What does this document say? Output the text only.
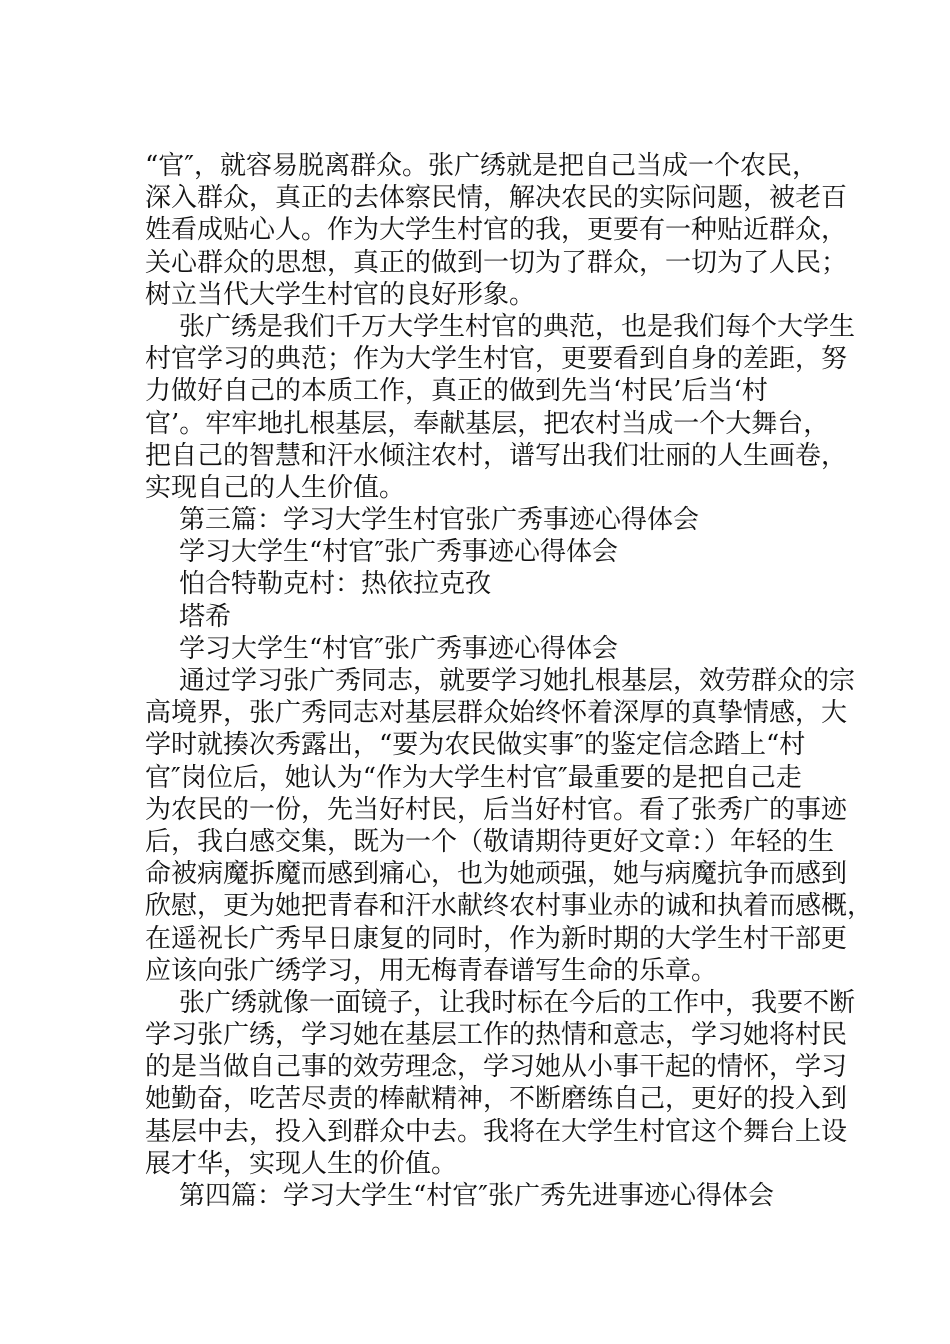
“官″，就容易脱离群众。张广绣就是把自己当成一个农民，
深入群众，真正的去体察民情，解决农民的实际问题，被老百
姓看成贴心人。作为大学生村官的我，更要有一种贴近群众，
关心群众的思想，真正的做到一切为了群众，一切为了人民；
树立当代大学生村官的良好形象。
张广绣是我们千万大学生村官的典范，也是我们每个大学生
村官学习的典范；作为大学生村官，更要看到自身的差距，努
力做好自己的本质工作，真正的做到先当‘村民’后当‘村
官’。牢牢地扎根基层，奉献基层，把农村当成一个大舞台，
把自己的智慧和汗水倾注农村，谱写出我们壮丽的人生画卷，
实现自己的人生价值。
第三篇：学习大学生村官张广秀事迹心得体会
学习大学生“村官″张广秀事迹心得体会
怕合特勒克村：热依拉克孜
塔希
学习大学生“村官″张广秀事迹心得体会
通过学习张广秀同志，就要学习她扎根基层，效劳群众的宗
高境界，张广秀同志对基层群众始终怀着深厚的真挚情感，大
学时就揍次秀露出，“要为农民做实事″的鉴定信念踏上“村
官″岗位后，她认为“作为大学生村官″最重要的是把自己走
为农民的一份，先当好村民，后当好村官。看了张秀广的事迹
后，我白感交集，既为一个（敬请期待更好文章：）年轻的生
命被病魔拆魔而感到痛心，也为她顽强，她与病魔抗争而感到
欣慰，更为她把青春和汗水献终农村事业赤的诚和执着而感概，
在遥祝长广秀早日康复的同时，作为新时期的大学生村干部更
应该向张广绣学习，用无梅青春谱写生命的乐章。
张广绣就像一面镜子，让我时标在今后的工作中，我要不断
学习张广绣，学习她在基层工作的热情和意志，学习她将村民
的是当做自己事的效劳理念，学习她从小事干起的情怀，学习
她勤奋，吃苦尽责的棒献精神，不断磨练自己，更好的投入到
基层中去，投入到群众中去。我将在大学生村官这个舞台上设
展才华，实现人生的价值。
第四篇：学习大学生“村官″张广秀先进事迹心得体会
